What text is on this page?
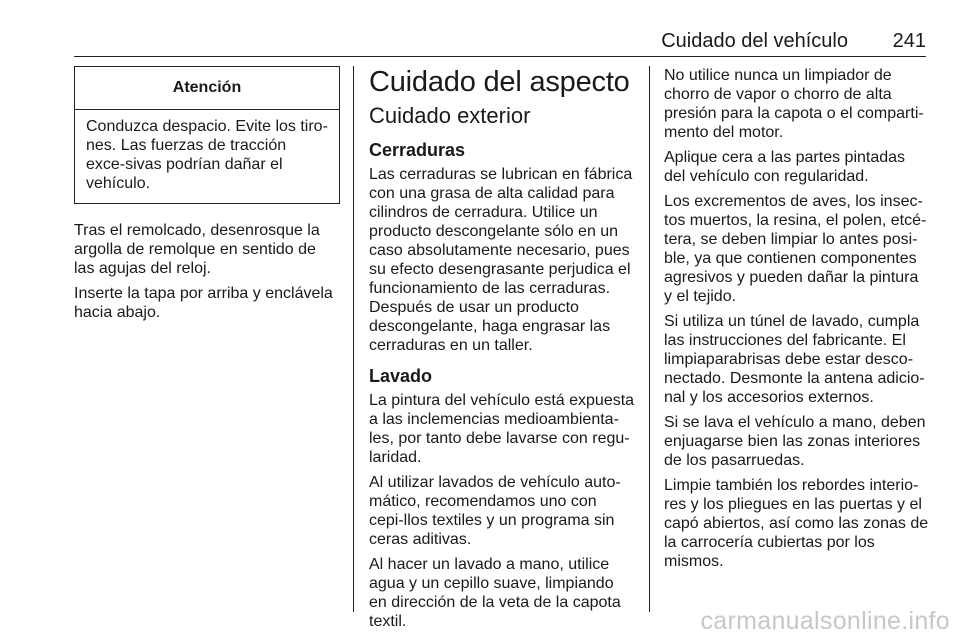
Cuidado del vehículo 241
Atención
Conduzca despacio. Evite los tiro-nes. Las fuerzas de tracción exce-sivas podrían dañar el vehículo.

Tras el remolcado, desenrosque la argolla de remolque en sentido de las agujas del reloj.

Inserte la tapa por arriba y enclávela hacia abajo.

Cuidado del aspecto
Cuidado exterior
Cerraduras

Las cerraduras se lubrican en fábrica con una grasa de alta calidad para cilindros de cerradura. Utilice un producto descongelante sólo en un caso absolutamente necesario, pues su efecto desengrasante perjudica el funcionamiento de las cerraduras. Después de usar un producto descongelante, haga engrasar las cerraduras en un taller.

Lavado

La pintura del vehículo está expuesta a las inclemencias medioambienta-les, por tanto debe lavarse con regu-laridad.

Al utilizar lavados de vehículo auto-mático, recomendamos uno con cepi-llos textiles y un programa sin ceras aditivas.

Al hacer un lavado a mano, utilice agua y un cepillo suave, limpiando en dirección de la veta de la capota textil.

No utilice nunca un limpiador de chorro de vapor o chorro de alta presión para la capota o el comparti-mento del motor.

Aplique cera a las partes pintadas del vehículo con regularidad.

Los excrementos de aves, los insec-tos muertos, la resina, el polen, etcé-tera, se deben limpiar lo antes posi-ble, ya que contienen componentes agresivos y pueden dañar la pintura y el tejido.

Si utiliza un túnel de lavado, cumpla las instrucciones del fabricante. El limpiaparabrisas debe estar desco-nectado. Desmonte la antena adicio-nal y los accesorios externos.

Si se lava el vehículo a mano, deben enjuagarse bien las zonas interiores de los pasarruedas.

Limpie también los rebordes interio-res y los pliegues en las puertas y el capó abiertos, así como las zonas de la carrocería cubiertas por los mismos.

carmanualsonline.info
